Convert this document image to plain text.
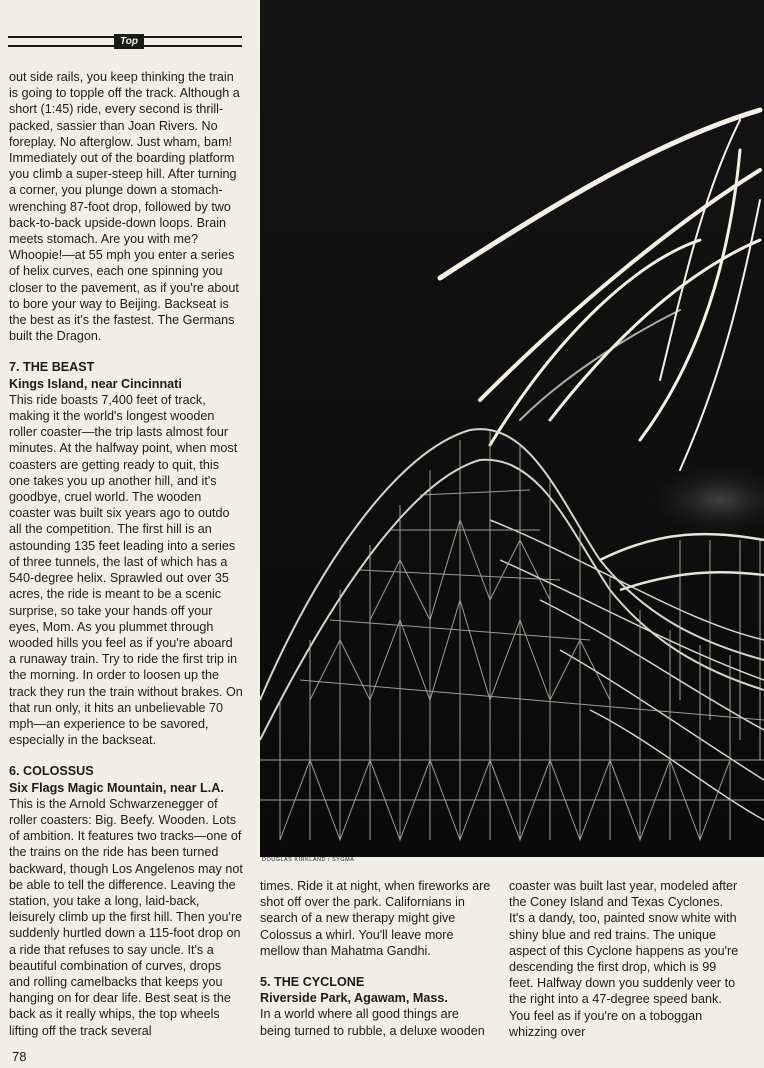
Top

out side rails, you keep thinking the train is going to topple off the track. Although a short (1:45) ride, every second is thrill-packed, sassier than Joan Rivers. No foreplay. No afterglow. Just wham, bam! Immediately out of the boarding platform you climb a super-steep hill. After turning a corner, you plunge down a stomach-wrenching 87-foot drop, followed by two back-to-back upside-down loops. Brain meets stomach. Are you with me? Whoopie!—at 55 mph you enter a series of helix curves, each one spinning you closer to the pavement, as if you're about to bore your way to Beijing. Backseat is the best as it's the fastest. The Germans built the Dragon.

7. THE BEAST

Kings Island, near Cincinnati

This ride boasts 7,400 feet of track, making it the world's longest wooden roller coaster—the trip lasts almost four minutes. At the halfway point, when most coasters are getting ready to quit, this one takes you up another hill, and it's goodbye, cruel world. The wooden coaster was built six years ago to outdo all the competition. The first hill is an astounding 135 feet leading into a series of three tunnels, the last of which has a 540-degree helix. Sprawled out over 35 acres, the ride is meant to be a scenic surprise, so take your hands off your eyes, Mom. As you plummet through wooded hills you feel as if you're aboard a runaway train. Try to ride the first trip in the morning. In order to loosen up the track they run the train without brakes. On that run only, it hits an unbelievable 70 mph—an experience to be savored, especially in the backseat.

6. COLOSSUS

Six Flags Magic Mountain, near L.A.

This is the Arnold Schwarzenegger of roller coasters: Big. Beefy. Wooden. Lots of ambition. It features two tracks—one of the trains on the ride has been turned backward, though Los Angelenos may not be able to tell the difference. Leaving the station, you take a long, laid-back, leisurely climb up the first hill. Then you're suddenly hurtled down a 115-foot drop on a ride that refuses to say uncle. It's a beautiful combination of curves, drops and rolling camelbacks that keeps you hanging on for dear life. Best seat is the back as it really whips, the top wheels lifting off the track several

DOUGLAS KIRKLAND / SYGMA

times. Ride it at night, when fireworks are shot off over the park. Californians in search of a new therapy might give Colossus a whirl. You'll leave more mellow than Mahatma Gandhi.

5. THE CYCLONE

Riverside Park, Agawam, Mass.

In a world where all good things are being turned to rubble, a deluxe wooden

coaster was built last year, modeled after the Coney Island and Texas Cyclones. It's a dandy, too, painted snow white with shiny blue and red trains. The unique aspect of this Cyclone happens as you're descending the first drop, which is 99 feet. Halfway down you suddenly veer to the right into a 47-degree speed bank. You feel as if you're on a toboggan whizzing over

78
